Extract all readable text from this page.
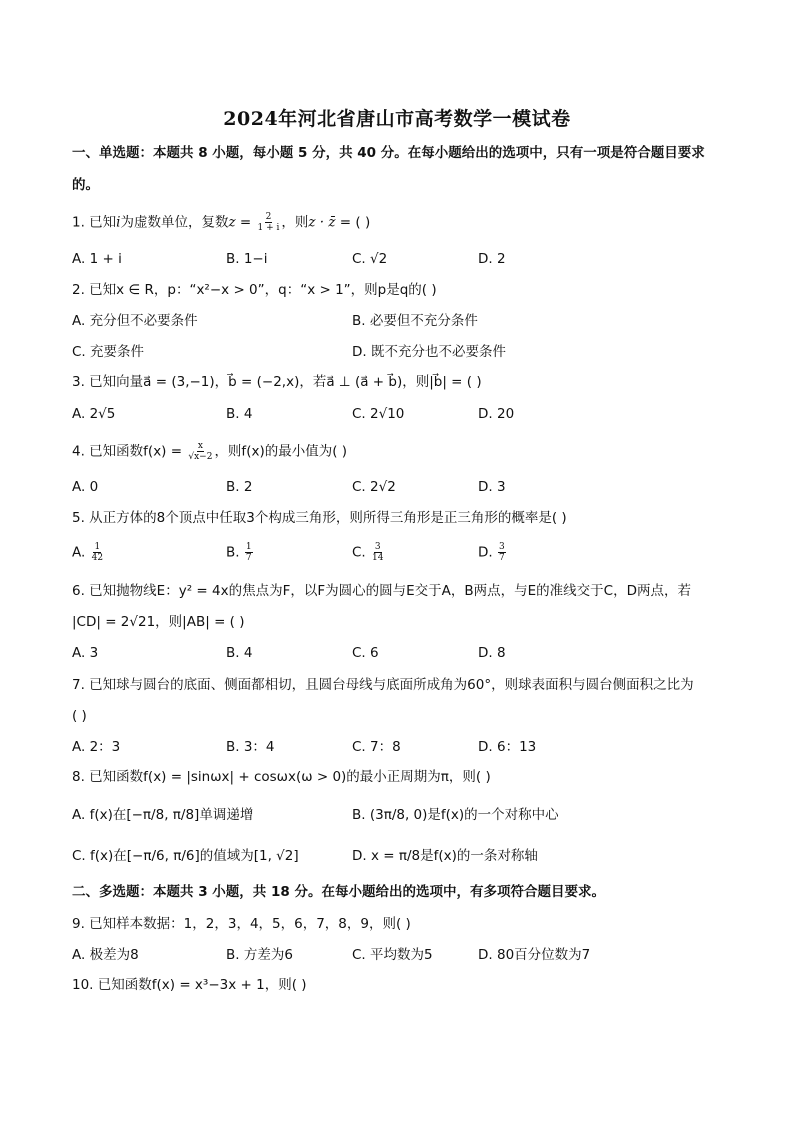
2024年河北省唐山市高考数学一模试卷
一、单选题：本题共 8 小题，每小题 5 分，共 40 分。在每小题给出的选项中，只有一项是符合题目要求
的。
1. 已知i为虚数单位，复数$z = \frac{2}{1 + i}$ ，则z · z̄ = ( )
A. 1 + i	B. 1−i	C. √2	D. 2
2. 已知x ∈ R，p：“x²−x > 0”，q：“x > 1”，则p是q的( )
A. 充分但不必要条件	B. 必要但不充分条件
C. 充要条件	D. 既不充分也不必要条件
3. 已知向量a⃗ = (3,−1)，b⃗ = (−2,x)，若a⃗ ⊥ (a⃗ + b⃗)，则|b⃗| = ( )
A. 2√5	B. 4	C. 2√10	D. 20
4. 已知函数$f(x) = \frac{x}{√x-2}$ ，则f(x)的最小值为( )
A. 0	B. 2	C. 2√2	D. 3
5. 从正方体的8个顶点中任取3个构成三角形，则所得三角形是正三角形的概率是( )
A. $\frac{1}{42}$	B. $\frac{1}{7}$	C. $\frac{3}{14}$	D. $\frac{3}{7}$
6. 已知抛物线E：y² = 4x的焦点为F，以F为圆心的圆与E交于A，B两点，与E的准线交于C，D两点，若
|CD| = 2√21，则|AB| = ( )
A. 3	B. 4	C. 6	D. 8
7. 已知球与圆台的底面、侧面都相切，且圆台母线与底面所成角为60°，则球表面积与圆台侧面积之比为
( )
A. 2：3	B. 3：4	C. 7：8	D. 6：13
8. 已知函数f(x) = |sinωx| + cosωx(ω > 0)的最小正周期为π，则( )
A. f(x)在[−π/8, π/8]单调递增	B. (3π/8, 0)是f(x)的一个对称中心
C. f(x)在[−π/6, π/6]的值域为[1, √2]	D. x = π/8是f(x)的一条对称轴
二、多选题：本题共 3 小题，共 18 分。在每小题给出的选项中，有多项符合题目要求。
9. 已知样本数据：1，2，3，4，5，6，7，8，9，则( )
A. 极差为8	B. 方差为6	C. 平均数为5	D. 80百分位数为7
10. 已知函数f(x) = x³−3x + 1，则( )
